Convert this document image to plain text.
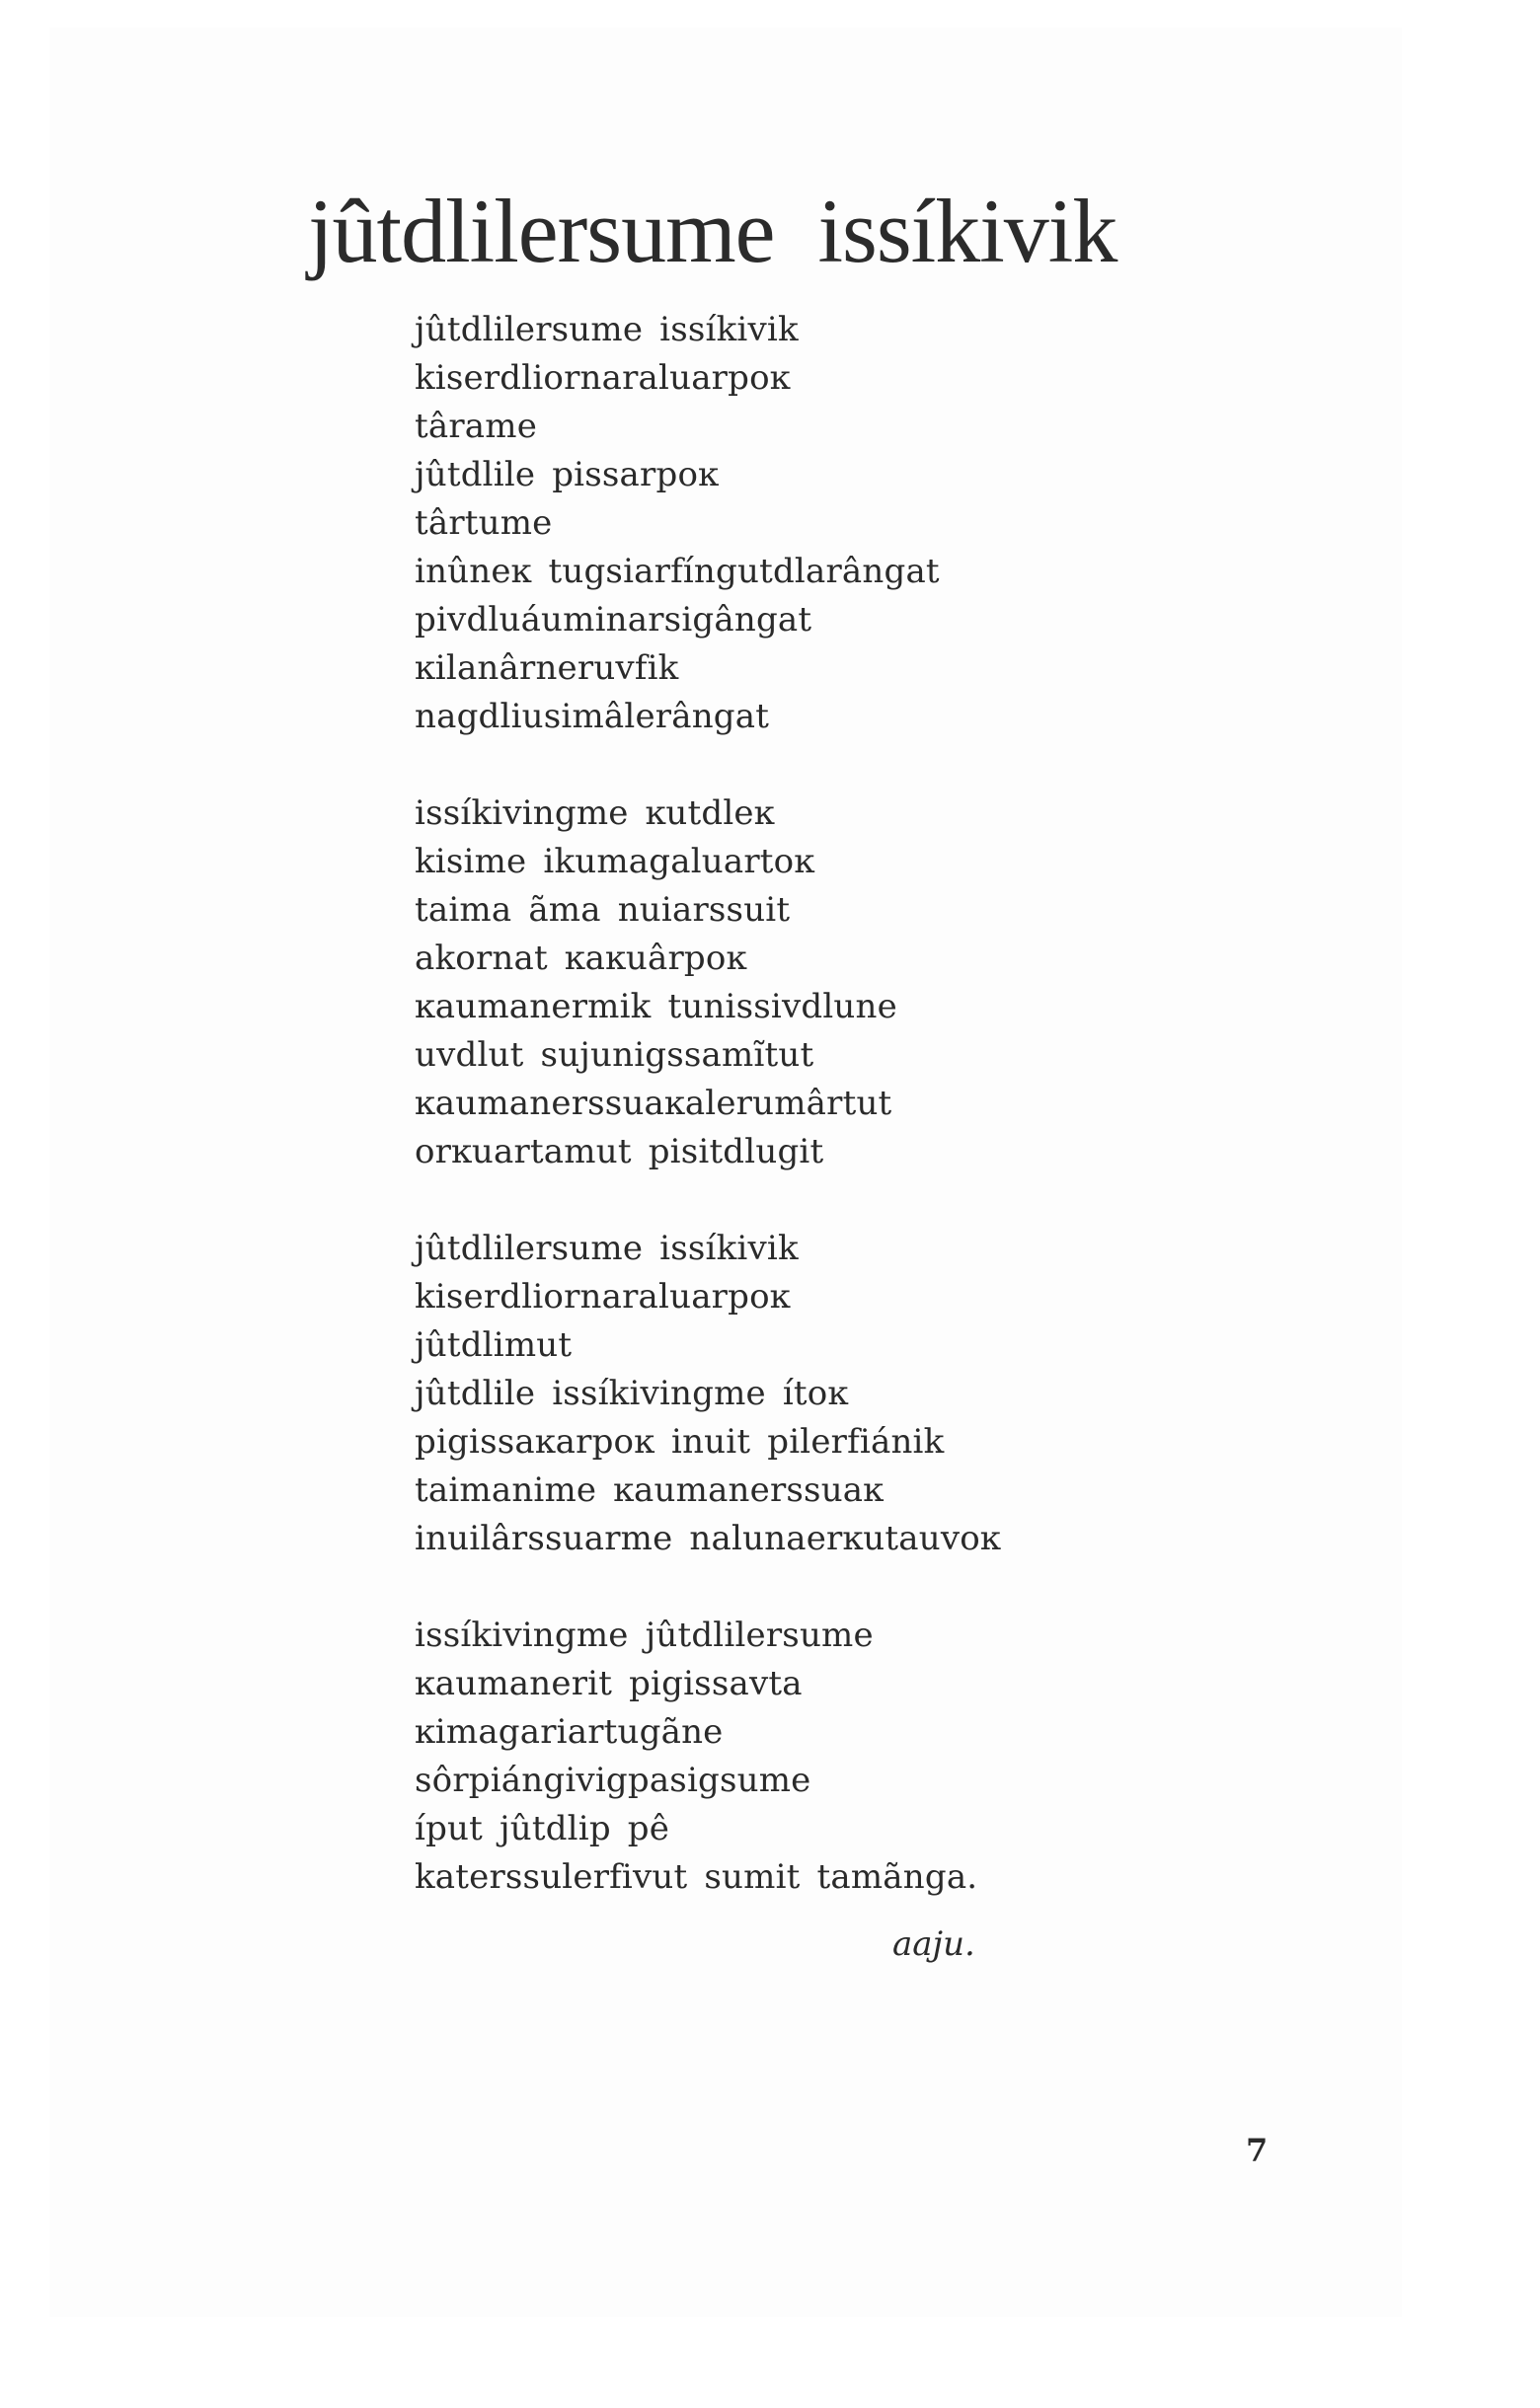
jûtdlilersume issíkivik
jûtdlilersume issíkivik
kiserdliornaraluarpoĸ
târame
jûtdlile pissarpoĸ
târtume
inûneĸ tugsiarfíngutdlarângat
pivdluáuminarsigângat
ĸilanârneruvfik
nagdliusimâlerângat
issíkivingme ĸutdleĸ
kisime ikumagaluartoĸ
taima ãma nuiarssuit
akornat ĸaĸuârpoĸ
ĸaumanermik tunissivdlune
uvdlut sujunigssamĩtut
ĸaumanerssuaĸalerumârtut
orĸuartamut pisitdlugit
jûtdlilersume issíkivik
kiserdliornaraluarpoĸ
jûtdlimut
jûtdlile issíkivingme ítoĸ
pigissaĸarpoĸ inuit pilerfiánik
taimanime ĸaumanerssuaĸ
inuilârssuarme nalunaerĸutauvoĸ
issíkivingme jûtdlilersume
ĸaumanerit pigissavta
ĸimagariartugãne
sôrpiángivigpasigsume
íput jûtdlip pê
katerssulerfivut sumit tamãnga.
aaju.
7
